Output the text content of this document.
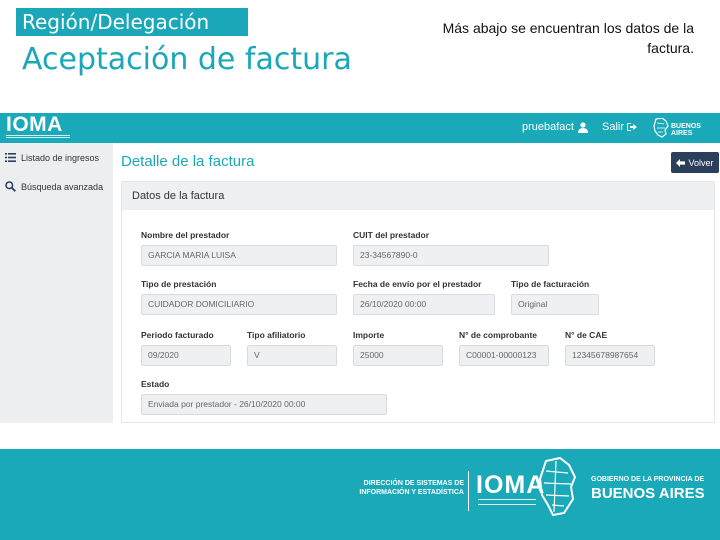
Región/Delegación
Aceptación de factura
Más abajo se encuentran los datos de la factura.
IOMA	pruebafact	Salir	BUENOS AIRES
Listado de ingresos
Búsqueda avanzada
Detalle de la factura	Volver
Datos de la factura
Nombre del prestador
GARCIA MARIA LUISA
CUIT del prestador
23-34567890-0
Tipo de prestación
CUIDADOR DOMICILIARIO
Fecha de envío por el prestador
26/10/2020 00:00
Tipo de facturación
Original
Periodo facturado
09/2020
Tipo afiliatorio
V
Importe
25000
N° de comprobante
C00001-00000123
N° de CAE
12345678987654
Estado
Enviada por prestador - 26/10/2020 00:00
DIRECCIÓN DE SISTEMAS DE
INFORMACIÓN Y ESTADÍSTICA IOMA	GOBIERNO DE LA PROVINCIA DE
BUENOS AIRES
